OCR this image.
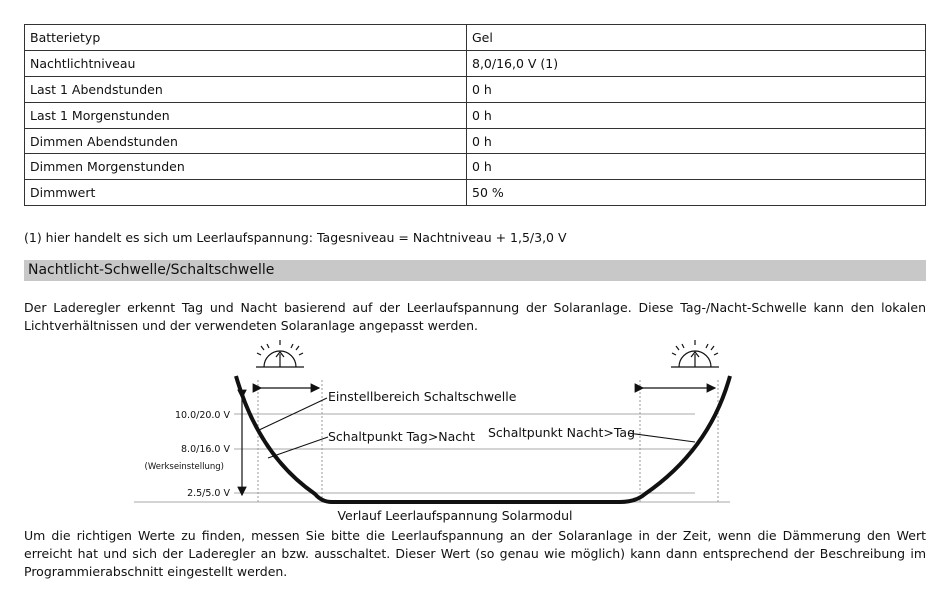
Batterietyp	Gel
Nachtlichtniveau	8,0/16,0 V (1)
Last 1 Abendstunden	0 h
Last 1 Morgenstunden	0 h
Dimmen Abendstunden	0 h
Dimmen Morgenstunden	0 h
Dimmwert	50 %
(1) hier handelt es sich um Leerlaufspannung: Tagesniveau = Nachtniveau + 1,5/3,0 V
Nachtlicht-Schwelle/Schaltschwelle
Der Laderegler erkennt Tag und Nacht basierend auf der Leerlaufspannung der Solaranlage. Diese Tag-/Nacht-Schwelle kann den lokalen Lichtverhältnissen und der verwendeten Solaranlage angepasst werden.
10.0/20.0 V
8.0/16.0 V
(Werkseinstellung)
2.5/5.0 V
Einstellbereich Schaltschwelle
Schaltpunkt Tag>Nacht Schaltpunkt Nacht>Tag
Verlauf Leerlaufspannung Solarmodul
Um die richtigen Werte zu finden, messen Sie bitte die Leerlaufspannung an der Solaranlage in der Zeit, wenn die Dämmerung den Wert erreicht hat und sich der Laderegler an bzw. ausschaltet. Dieser Wert (so genau wie möglich) kann dann entsprechend der Beschreibung im Programmierabschnitt eingestellt werden.
